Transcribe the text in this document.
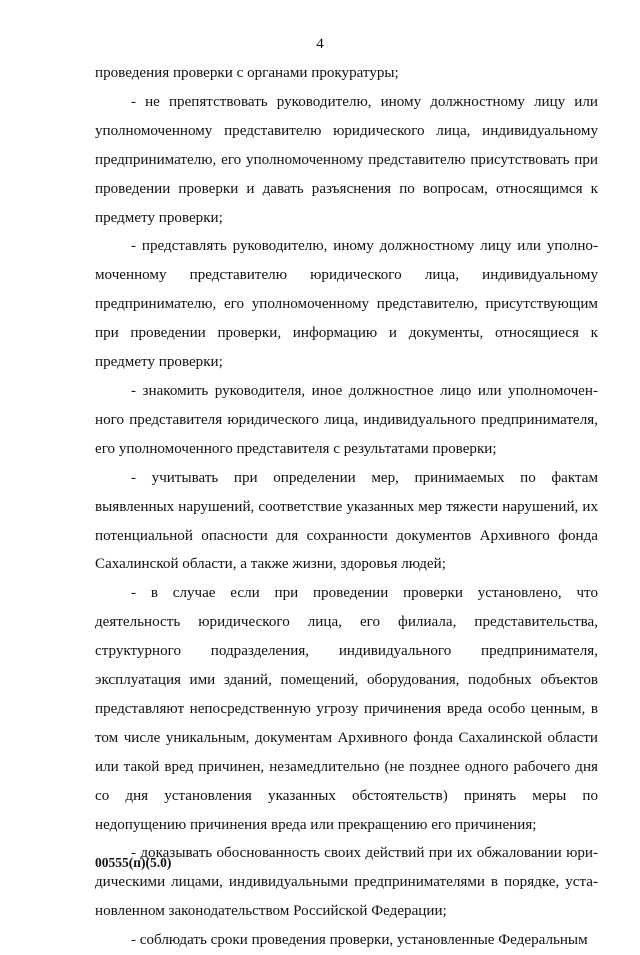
4

проведения проверки с органами прокуратуры;

- не препятствовать руководителю, иному должностному лицу или уполномоченному представителю юридического лица, индивидуальному предпринимателю, его уполномоченному представителю присутствовать при проведении проверки и давать разъяснения по вопросам, относящимся к предмету проверки;

- представлять руководителю, иному должностному лицу или уполномоченному представителю юридического лица, индивидуальному предпринимателю, его уполномоченному представителю, присутствующим при проведении проверки, информацию и документы, относящиеся к предмету проверки;

- знакомить руководителя, иное должностное лицо или уполномоченного представителя юридического лица, индивидуального предпринимателя, его уполномоченного представителя с результатами проверки;

- учитывать при определении мер, принимаемых по фактам выявленных нарушений, соответствие указанных мер тяжести нарушений, их потенциальной опасности для сохранности документов Архивного фонда Сахалинской области, а также жизни, здоровья людей;

- в случае если при проведении проверки установлено, что деятельность юридического лица, его филиала, представительства, структурного подразделения, индивидуального предпринимателя, эксплуатация ими зданий, помещений, оборудования, подобных объектов представляют непосредственную угрозу причинения вреда особо ценным, в том числе уникальным, документам Архивного фонда Сахалинской области или такой вред причинен, незамедлительно (не позднее одного рабочего дня со дня установления указанных обстоятельств) принять меры по недопущению причинения вреда или прекращению его причинения;

- доказывать обоснованность своих действий при их обжаловании юридическими лицами, индивидуальными предпринимателями в порядке, установленном законодательством Российской Федерации;

- соблюдать сроки проведения проверки, установленные Федеральным

00555(п)(5.0)
